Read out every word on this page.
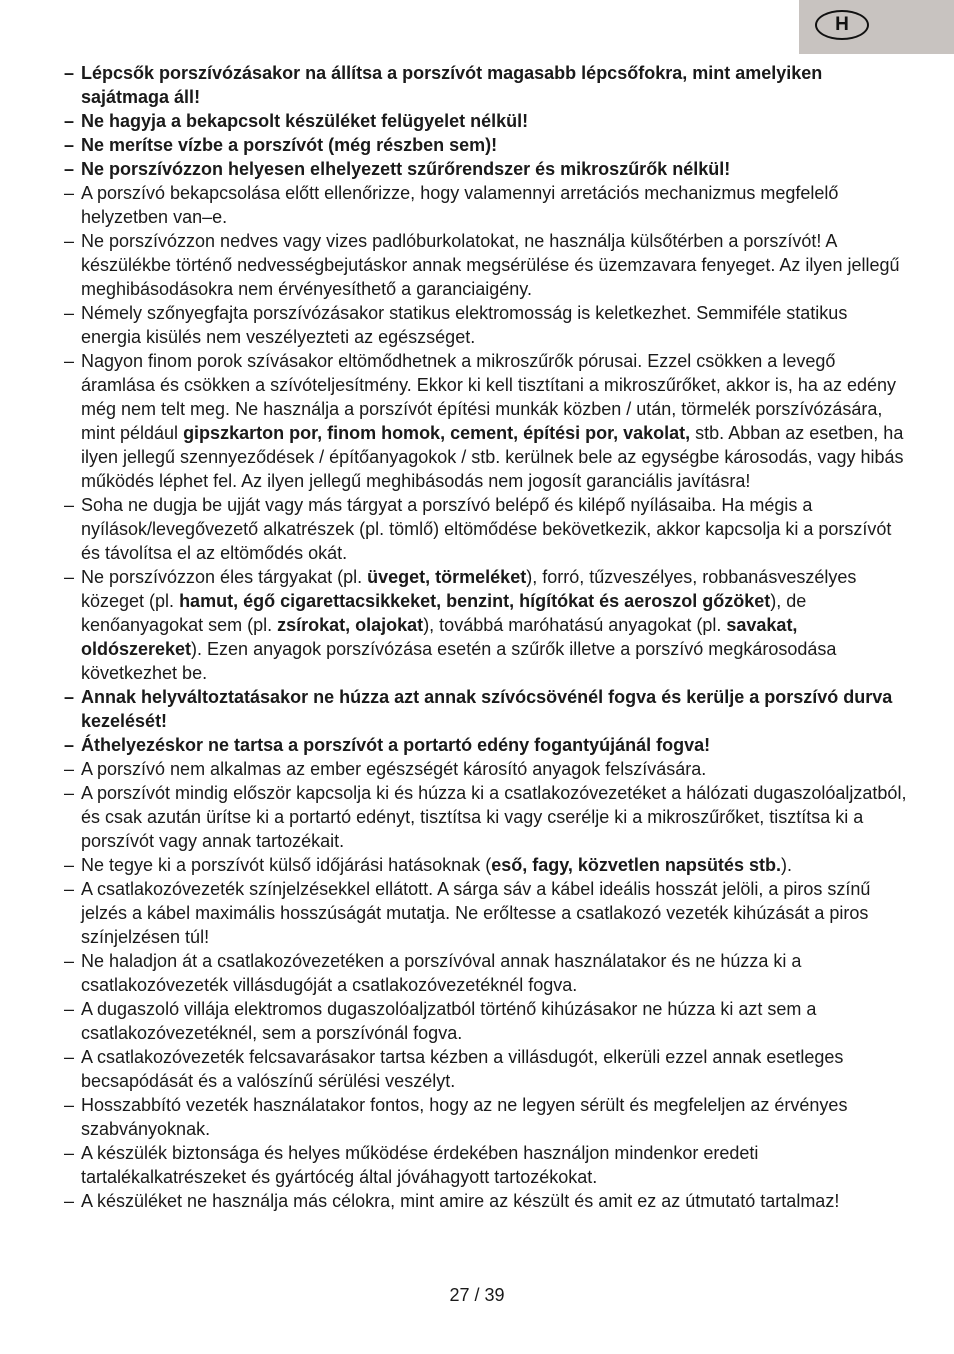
H
– Lépcsők porszívózásakor na állítsa a porszívót magasabb lépcsőfokra, mint amelyiken sajátmaga áll!
– Ne hagyja a bekapcsolt készüléket felügyelet nélkül!
– Ne merítse vízbe a porszívót (még részben sem)!
– Ne porszívózzon helyesen elhelyezett szűrőrendszer és mikroszűrők nélkül!
– A porszívó bekapcsolása előtt ellenőrizze, hogy valamennyi arretációs mechanizmus megfelelő helyzetben van–e.
– Ne porszívózzon nedves vagy vizes padlóburkolatokat, ne használja külsőtérben a porszívót! A készülékbe történő nedvességbejutáskor annak megsérülése és üzemzavara fenyeget. Az ilyen jellegű meghibásodásokra nem érvényesíthető a garanciaigény.
– Némely szőnyegfajta porszívózásakor statikus elektromosság is keletkezhet. Semmiféle statikus energia kisülés nem veszélyezteti az egészséget.
– Nagyon finom porok szívásakor eltömődhetnek a mikroszűrők pórusai. Ezzel csökken a levegő áramlása és csökken a szívóteljesítmény. Ekkor ki kell tisztítani a mikroszűrőket, akkor is, ha az edény még nem telt meg. Ne használja a porszívót építési munkák közben / után, törmelék porszívózására, mint például gipszkarton por, finom homok, cement, építési por, vakolat, stb. Abban az esetben, ha ilyen jellegű szennyeződések / építőanyagokok / stb. kerülnek bele az egységbe károsodás, vagy hibás működés léphet fel. Az ilyen jellegű meghibásodás nem jogosít garanciális javításra!
– Soha ne dugja be ujját vagy más tárgyat a porszívó belépő és kilépő nyílásaiba. Ha mégis a nyílások/levegővezető alkatrészek (pl. tömlő) eltömődése bekövetkezik, akkor kapcsolja ki a porszívót és távolítsa el az eltömődés okát.
– Ne porszívózzon éles tárgyakat (pl. üveget, törmeléket), forró, tűzveszélyes, robbanásveszélyes közeget (pl. hamut, égő cigarettacsikkeket, benzint, hígítókat és aeroszol gőzöket), de kenőanyagokat sem (pl. zsírokat, olajokat), továbbá maróhatású anyagokat (pl. savakat, oldószereket). Ezen anyagok porszívózása esetén a szűrők illetve a porszívó megkárosodása következhet be.
– Annak helyváltoztatásakor ne húzza azt annak szívócsövénél fogva és kerülje a porszívó durva kezelését!
– Áthelyezéskor ne tartsa a porszívót a portartó edény fogantyújánál fogva!
– A porszívó nem alkalmas az ember egészségét károsító anyagok felszívására.
– A porszívót mindig először kapcsolja ki és húzza ki a csatlakozóvezetéket a hálózati dugaszolóaljzatból, és csak azután ürítse ki a portartó edényt, tisztítsa ki vagy cserélje ki a mikroszűrőket, tisztítsa ki a porszívót vagy annak tartozékait.
– Ne tegye ki a porszívót külső időjárási hatásoknak (eső, fagy, közvetlen napsütés stb.).
– A csatlakozóvezeték színjelzésekkel ellátott. A sárga sáv a kábel ideális hosszát jelöli, a piros színű jelzés a kábel maximális hosszúságát mutatja. Ne erőltesse a csatlakozó vezeték kihúzását a piros színjelzésen túl!
– Ne haladjon át a csatlakozóvezetéken a porszívóval annak használatakor és ne húzza ki a csatlakozóvezeték villásdugóját a csatlakozóvezetéknél fogva.
– A dugaszoló villája elektromos dugaszolóaljzatból történő kihúzásakor ne húzza ki azt sem a csatlakozóvezetéknél, sem a porszívónál fogva.
– A csatlakozóvezeték felcsavarásakor tartsa kézben a villásdugót, elkerüli ezzel annak esetleges becsapódását és a valószínű sérülési veszélyt.
– Hosszabbító vezeték használatakor fontos, hogy az ne legyen sérült és megfeleljen az érvényes szabványoknak.
– A készülék biztonsága és helyes működése érdekében használjon mindenkor eredeti tartalékalkatrészeket és gyártócég által jóváhagyott tartozékokat.
– A készüléket ne használja más célokra, mint amire az készült és amit ez az útmutató tartalmaz!
27 / 39
